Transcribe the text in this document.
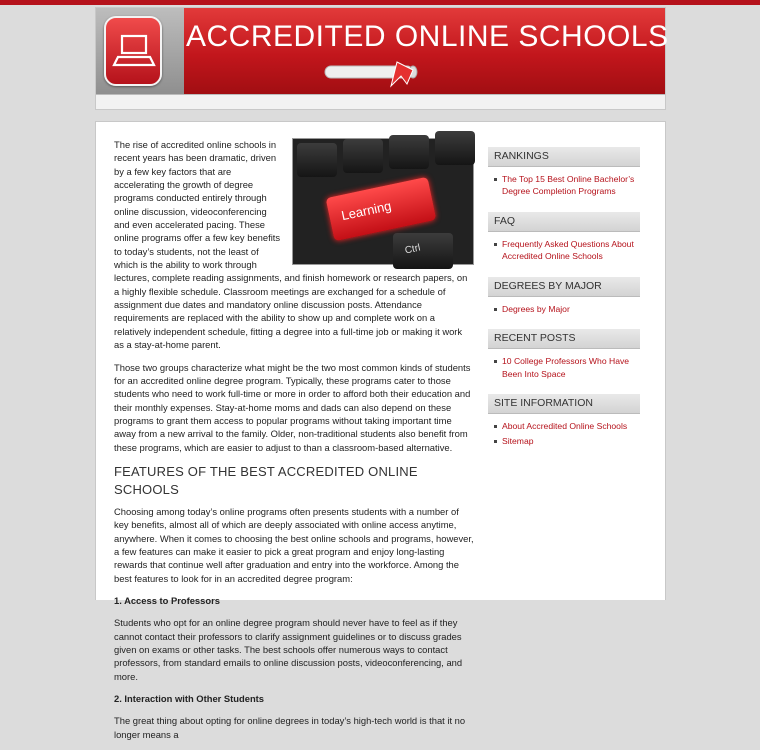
ACCREDITED ONLINE SCHOOLS
Learning
Ctrl

The rise of accredited online schools in recent years has been dramatic, driven by a few key factors that are accelerating the growth of degree programs conducted entirely through online discussion, videoconferencing and even accelerated pacing. These online programs offer a few key benefits to today’s students, not the least of which is the ability to work through lectures, complete reading assignments, and finish homework or research papers, on a highly flexible schedule. Classroom meetings are exchanged for a schedule of assignment due dates and mandatory online discussion posts. Attendance requirements are replaced with the ability to show up and complete work on a relatively independent schedule, fitting a degree into a full-time job or making it work as a stay-at-home parent.

Those two groups characterize what might be the two most common kinds of students for an accredited online degree program. Typically, these programs cater to those students who need to work full-time or more in order to afford both their education and their monthly expenses. Stay-at-home moms and dads can also depend on these programs to grant them access to popular programs without taking important time away from a new arrival to the family. Older, non-traditional students also benefit from these programs, which are easier to adjust to than a classroom-based alternative.

FEATURES OF THE BEST ACCREDITED ONLINE SCHOOLS

Choosing among today’s online programs often presents students with a number of key benefits, almost all of which are deeply associated with online access anytime, anywhere. When it comes to choosing the best online schools and programs, however, a few features can make it easier to pick a great program and enjoy long-lasting rewards that continue well after graduation and entry into the workforce. Among the best features to look for in an accredited degree program:

1. Access to Professors

Students who opt for an online degree program should never have to feel as if they cannot contact their professors to clarify assignment guidelines or to discuss grades given on exams or other tasks. The best schools offer numerous ways to contact professors, from standard emails to online discussion posts, videoconferencing, and more.

2. Interaction with Other Students

The great thing about opting for online degrees in today’s high-tech world is that it no longer means a

RANKINGS
The Top 15 Best Online Bachelor’s Degree Completion Programs
FAQ
Frequently Asked Questions About Accredited Online Schools
DEGREES BY MAJOR
Degrees by Major
RECENT POSTS
10 College Professors Who Have Been Into Space
SITE INFORMATION
About Accredited Online Schools
Sitemap
